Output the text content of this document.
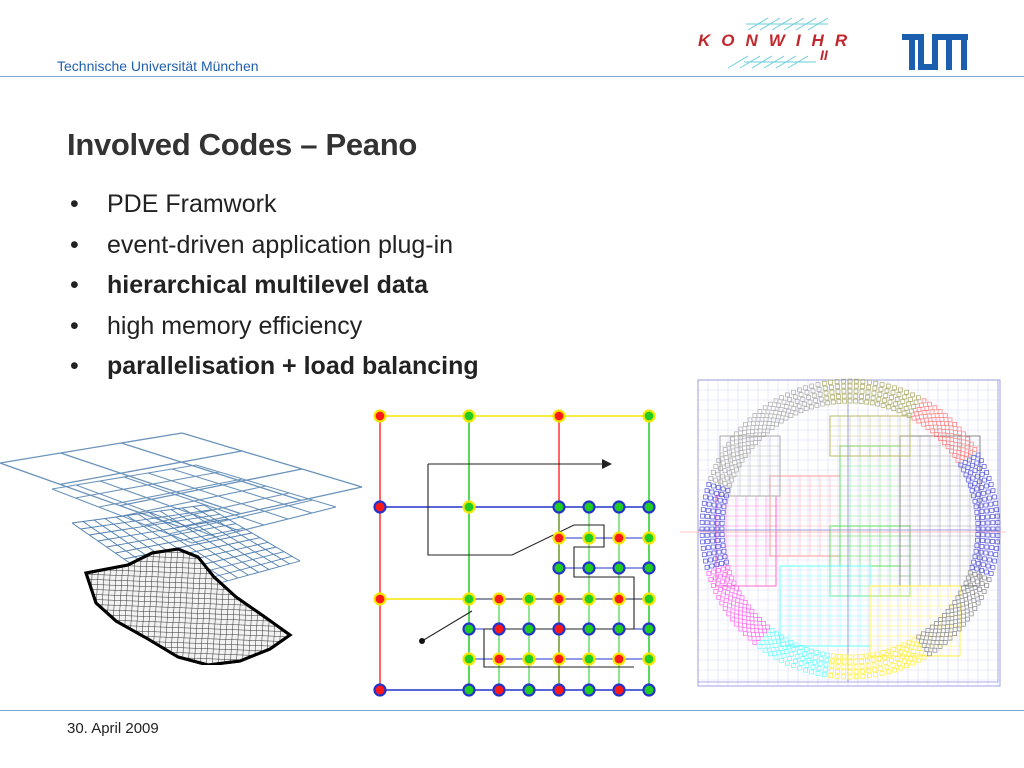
Technische Universität München
KONWIHR
II
Involved Codes – Peano
• PDE Framwork
• event-driven application plug-in
• hierarchical multilevel data
• high memory efficiency
• parallelisation + load balancing
30. April 2009
